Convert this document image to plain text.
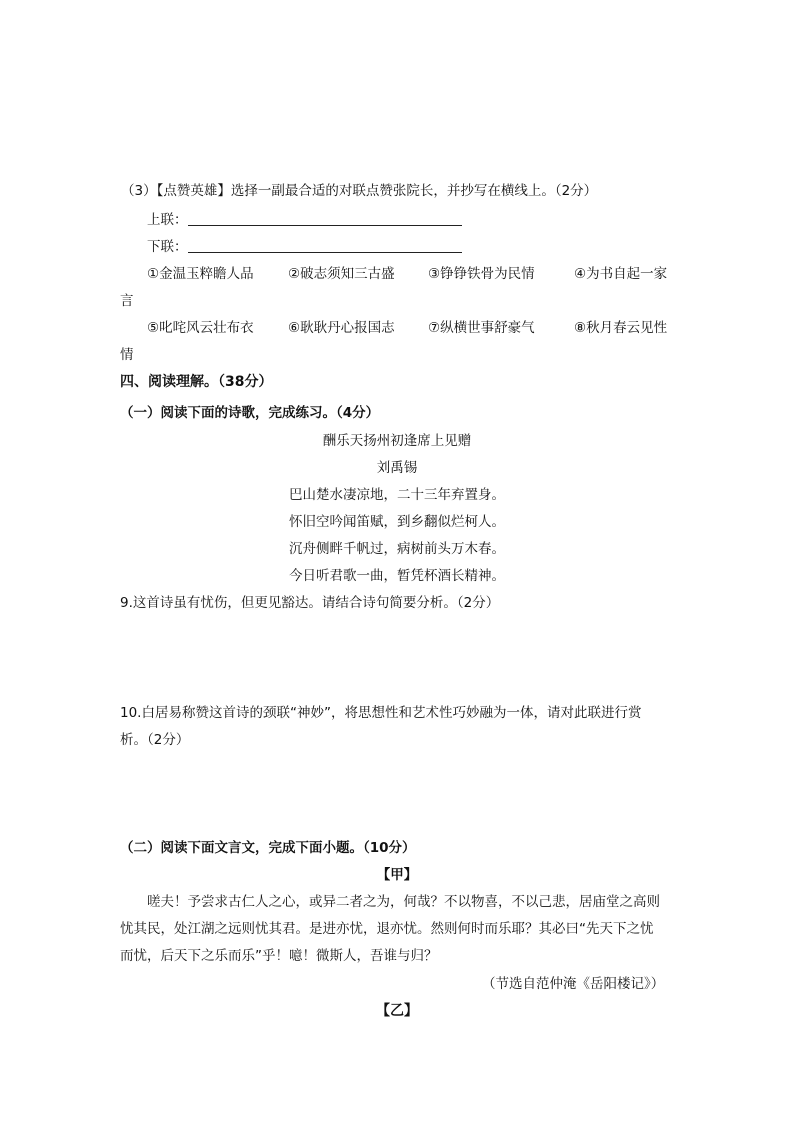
（3）【点赞英雄】选择一副最合适的对联点赞张院长，并抄写在横线上。（2分）
上联：
下联：
①金温玉粹瞻人品	②破志须知三古盛 ③铮铮铁骨为民情	④为书自起一家
言
⑤叱咤风云壮布衣	⑥耿耿丹心报国志 ⑦纵横世事舒豪气	⑧秋月春云见性
情
四、阅读理解。（38分）
（一）阅读下面的诗歌，完成练习。（4分）
酬乐天扬州初逢席上见赠
刘禹锡
巴山楚水凄凉地，二十三年弃置身。
怀旧空吟闻笛赋，到乡翻似烂柯人。
沉舟侧畔千帆过，病树前头万木春。
今日听君歌一曲，暂凭杯酒长精神。
9.这首诗虽有忧伤，但更见豁达。请结合诗句简要分析。（2分）
10.白居易称赞这首诗的颈联“神妙”，将思想性和艺术性巧妙融为一体，请对此联进行赏
析。（2分）
（二）阅读下面文言文，完成下面小题。（10分）
【甲】
嗟夫！予尝求古仁人之心，或异二者之为，何哉？不以物喜，不以己悲，居庙堂之高则
忧其民，处江湖之远则忧其君。是进亦忧，退亦忧。然则何时而乐耶？其必曰“先天下之忧
而忧，后天下之乐而乐”乎！噫！微斯人，吾谁与归？
（节选自范仲淹《岳阳楼记》）
【乙】
